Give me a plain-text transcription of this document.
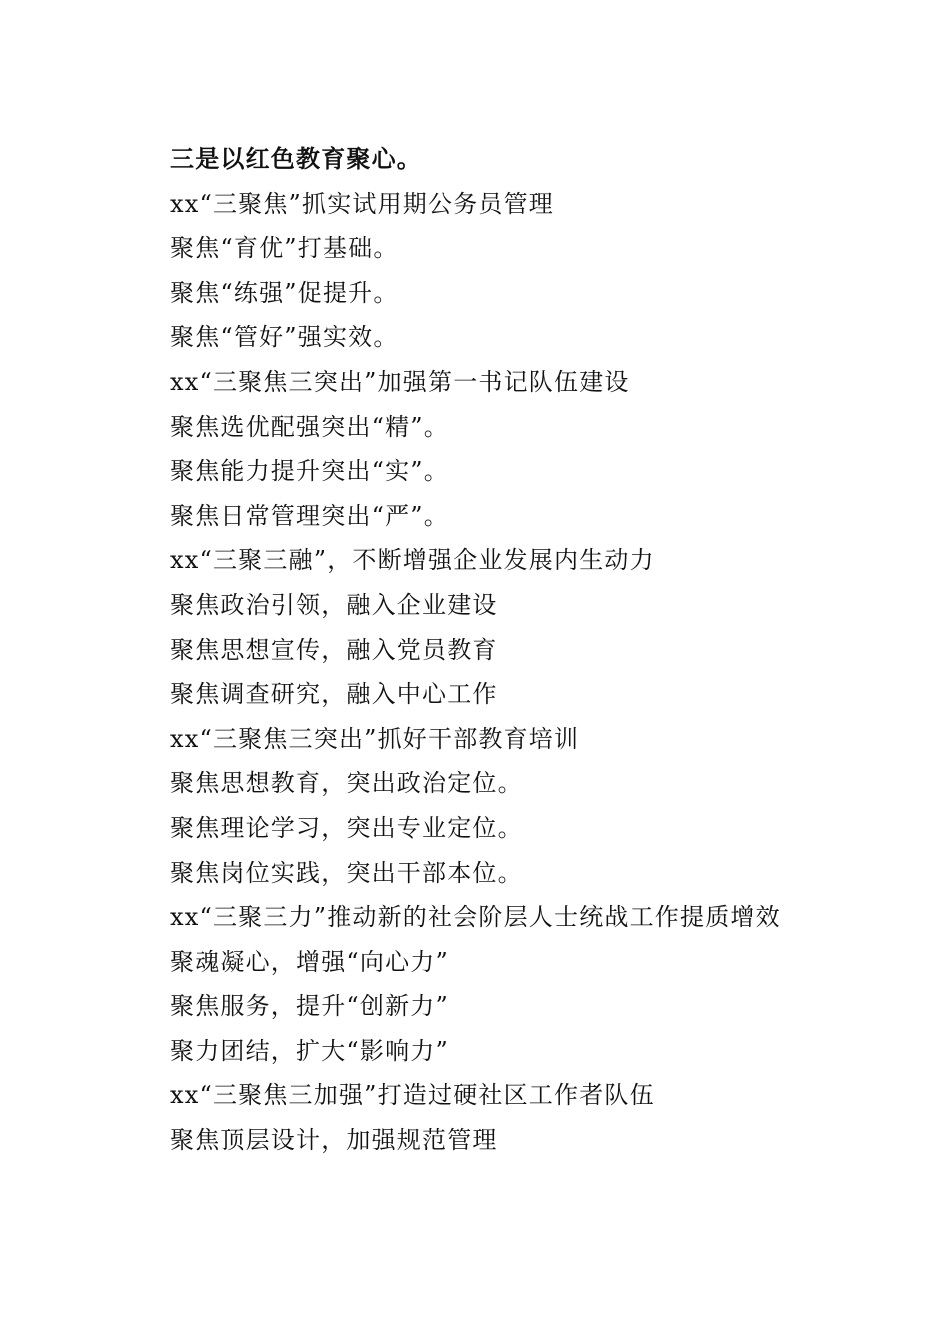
三是以红色教育聚心。
xx“三聚焦”抓实试用期公务员管理
聚焦“育优”打基础。
聚焦“练强”促提升。
聚焦“管好”强实效。
xx“三聚焦三突出”加强第一书记队伍建设
聚焦选优配强突出“精”。
聚焦能力提升突出“实”。
聚焦日常管理突出“严”。
xx“三聚三融”，不断增强企业发展内生动力
聚焦政治引领，融入企业建设
聚焦思想宣传，融入党员教育
聚焦调查研究，融入中心工作
xx“三聚焦三突出”抓好干部教育培训
聚焦思想教育，突出政治定位。
聚焦理论学习，突出专业定位。
聚焦岗位实践，突出干部本位。
xx“三聚三力”推动新的社会阶层人士统战工作提质增效
聚魂凝心，增强“向心力”
聚焦服务，提升“创新力”
聚力团结，扩大“影响力”
xx“三聚焦三加强”打造过硬社区工作者队伍
聚焦顶层设计，加强规范管理
